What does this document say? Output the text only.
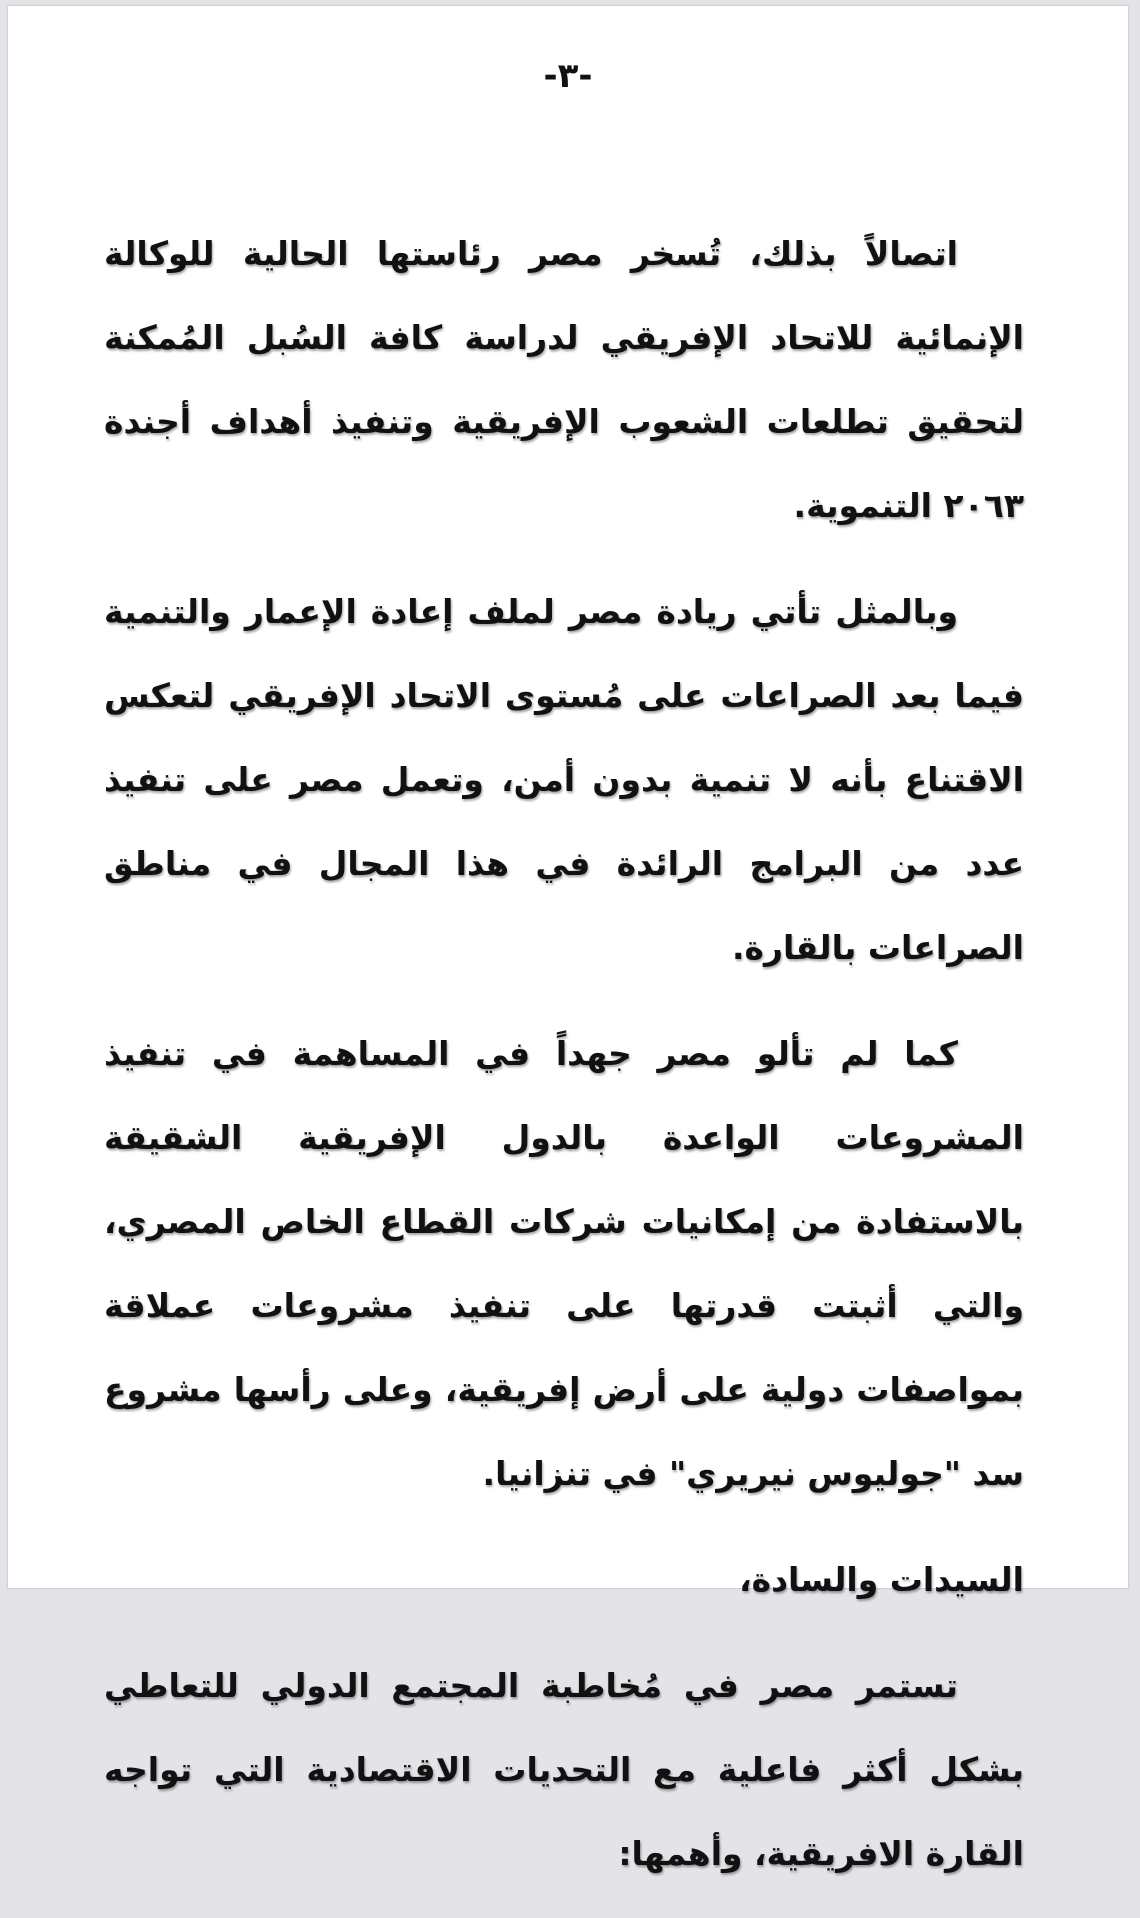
-٣-

اتصالاً بذلك، تُسخر مصر رئاستها الحالية للوكالة الإنمائية للاتحاد الإفريقي لدراسة كافة السُبل المُمكنة لتحقيق تطلعات الشعوب الإفريقية وتنفيذ أهداف أجندة ٢٠٦٣ التنموية.

وبالمثل تأتي ريادة مصر لملف إعادة الإعمار والتنمية فيما بعد الصراعات على مُستوى الاتحاد الإفريقي لتعكس الاقتناع بأنه لا تنمية بدون أمن، وتعمل مصر على تنفيذ عدد من البرامج الرائدة في هذا المجال في مناطق الصراعات بالقارة.

كما لم تألو مصر جهداً في المساهمة في تنفيذ المشروعات الواعدة بالدول الإفريقية الشقيقة بالاستفادة من إمكانيات شركات القطاع الخاص المصري، والتي أثبتت قدرتها على تنفيذ مشروعات عملاقة بمواصفات دولية على أرض إفريقية، وعلى رأسها مشروع سد "جوليوس نيريري" في تنزانيا.

السيدات والسادة،

تستمر مصر في مُخاطبة المجتمع الدولي للتعاطي بشكل أكثر فاعلية مع التحديات الاقتصادية التي تواجه القارة الافريقية، وأهمها:
